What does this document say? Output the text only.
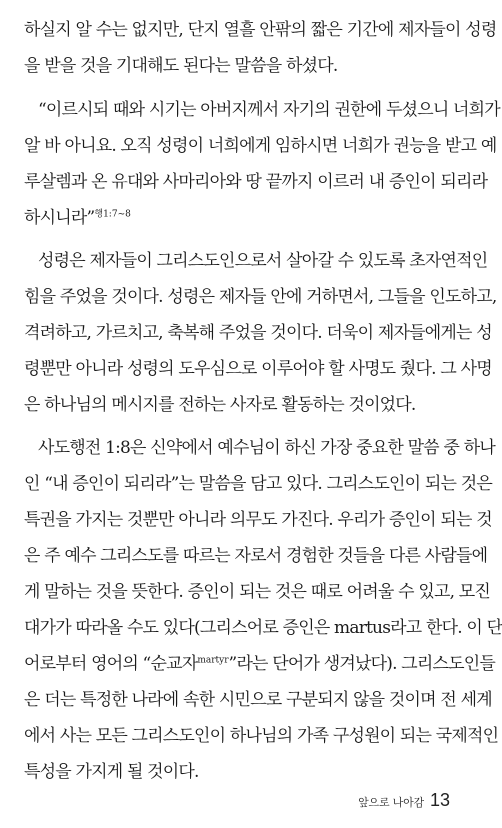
하실지 알 수는 없지만, 단지 열흘 안팎의 짧은 기간에 제자들이 성령
을 받을 것을 기대해도 된다는 말씀을 하셨다.
“이르시되 때와 시기는 아버지께서 자기의 권한에 두셨으니 너희가
알 바 아니요. 오직 성령이 너희에게 임하시면 너희가 권능을 받고 예
루살렘과 온 유대와 사마리아와 땅 끝까지 이르러 내 증인이 되리라
하시니라”$^{행1:7\sim 8}$
성령은 제자들이 그리스도인으로서 살아갈 수 있도록 초자연적인
힘을 주었을 것이다. 성령은 제자들 안에 거하면서, 그들을 인도하고,
격려하고, 가르치고, 축복해 주었을 것이다. 더욱이 제자들에게는 성
령뿐만 아니라 성령의 도우심으로 이루어야 할 사명도 줬다. 그 사명
은 하나님의 메시지를 전하는 사자로 활동하는 것이었다.
사도행전 1:8은 신약에서 예수님이 하신 가장 중요한 말씀 중 하나
인 “내 증인이 되리라”는 말씀을 담고 있다. 그리스도인이 되는 것은
특권을 가지는 것뿐만 아니라 의무도 가진다. 우리가 증인이 되는 것
은 주 예수 그리스도를 따르는 자로서 경험한 것들을 다른 사람들에
게 말하는 것을 뜻한다. 증인이 되는 것은 때로 어려울 수 있고, 모진
대가가 따라올 수도 있다(그리스어로 증인은 martus라고 한다. 이 단
어로부터 영어의 “순교자$^{martyr}$”라는 단어가 생겨났다). 그리스도인들
은 더는 특정한 나라에 속한 시민으로 구분되지 않을 것이며 전 세계
에서 사는 모든 그리스도인이 하나님의 가족 구성원이 되는 국제적인
특성을 가지게 될 것이다.
앞으로 나아감 13
